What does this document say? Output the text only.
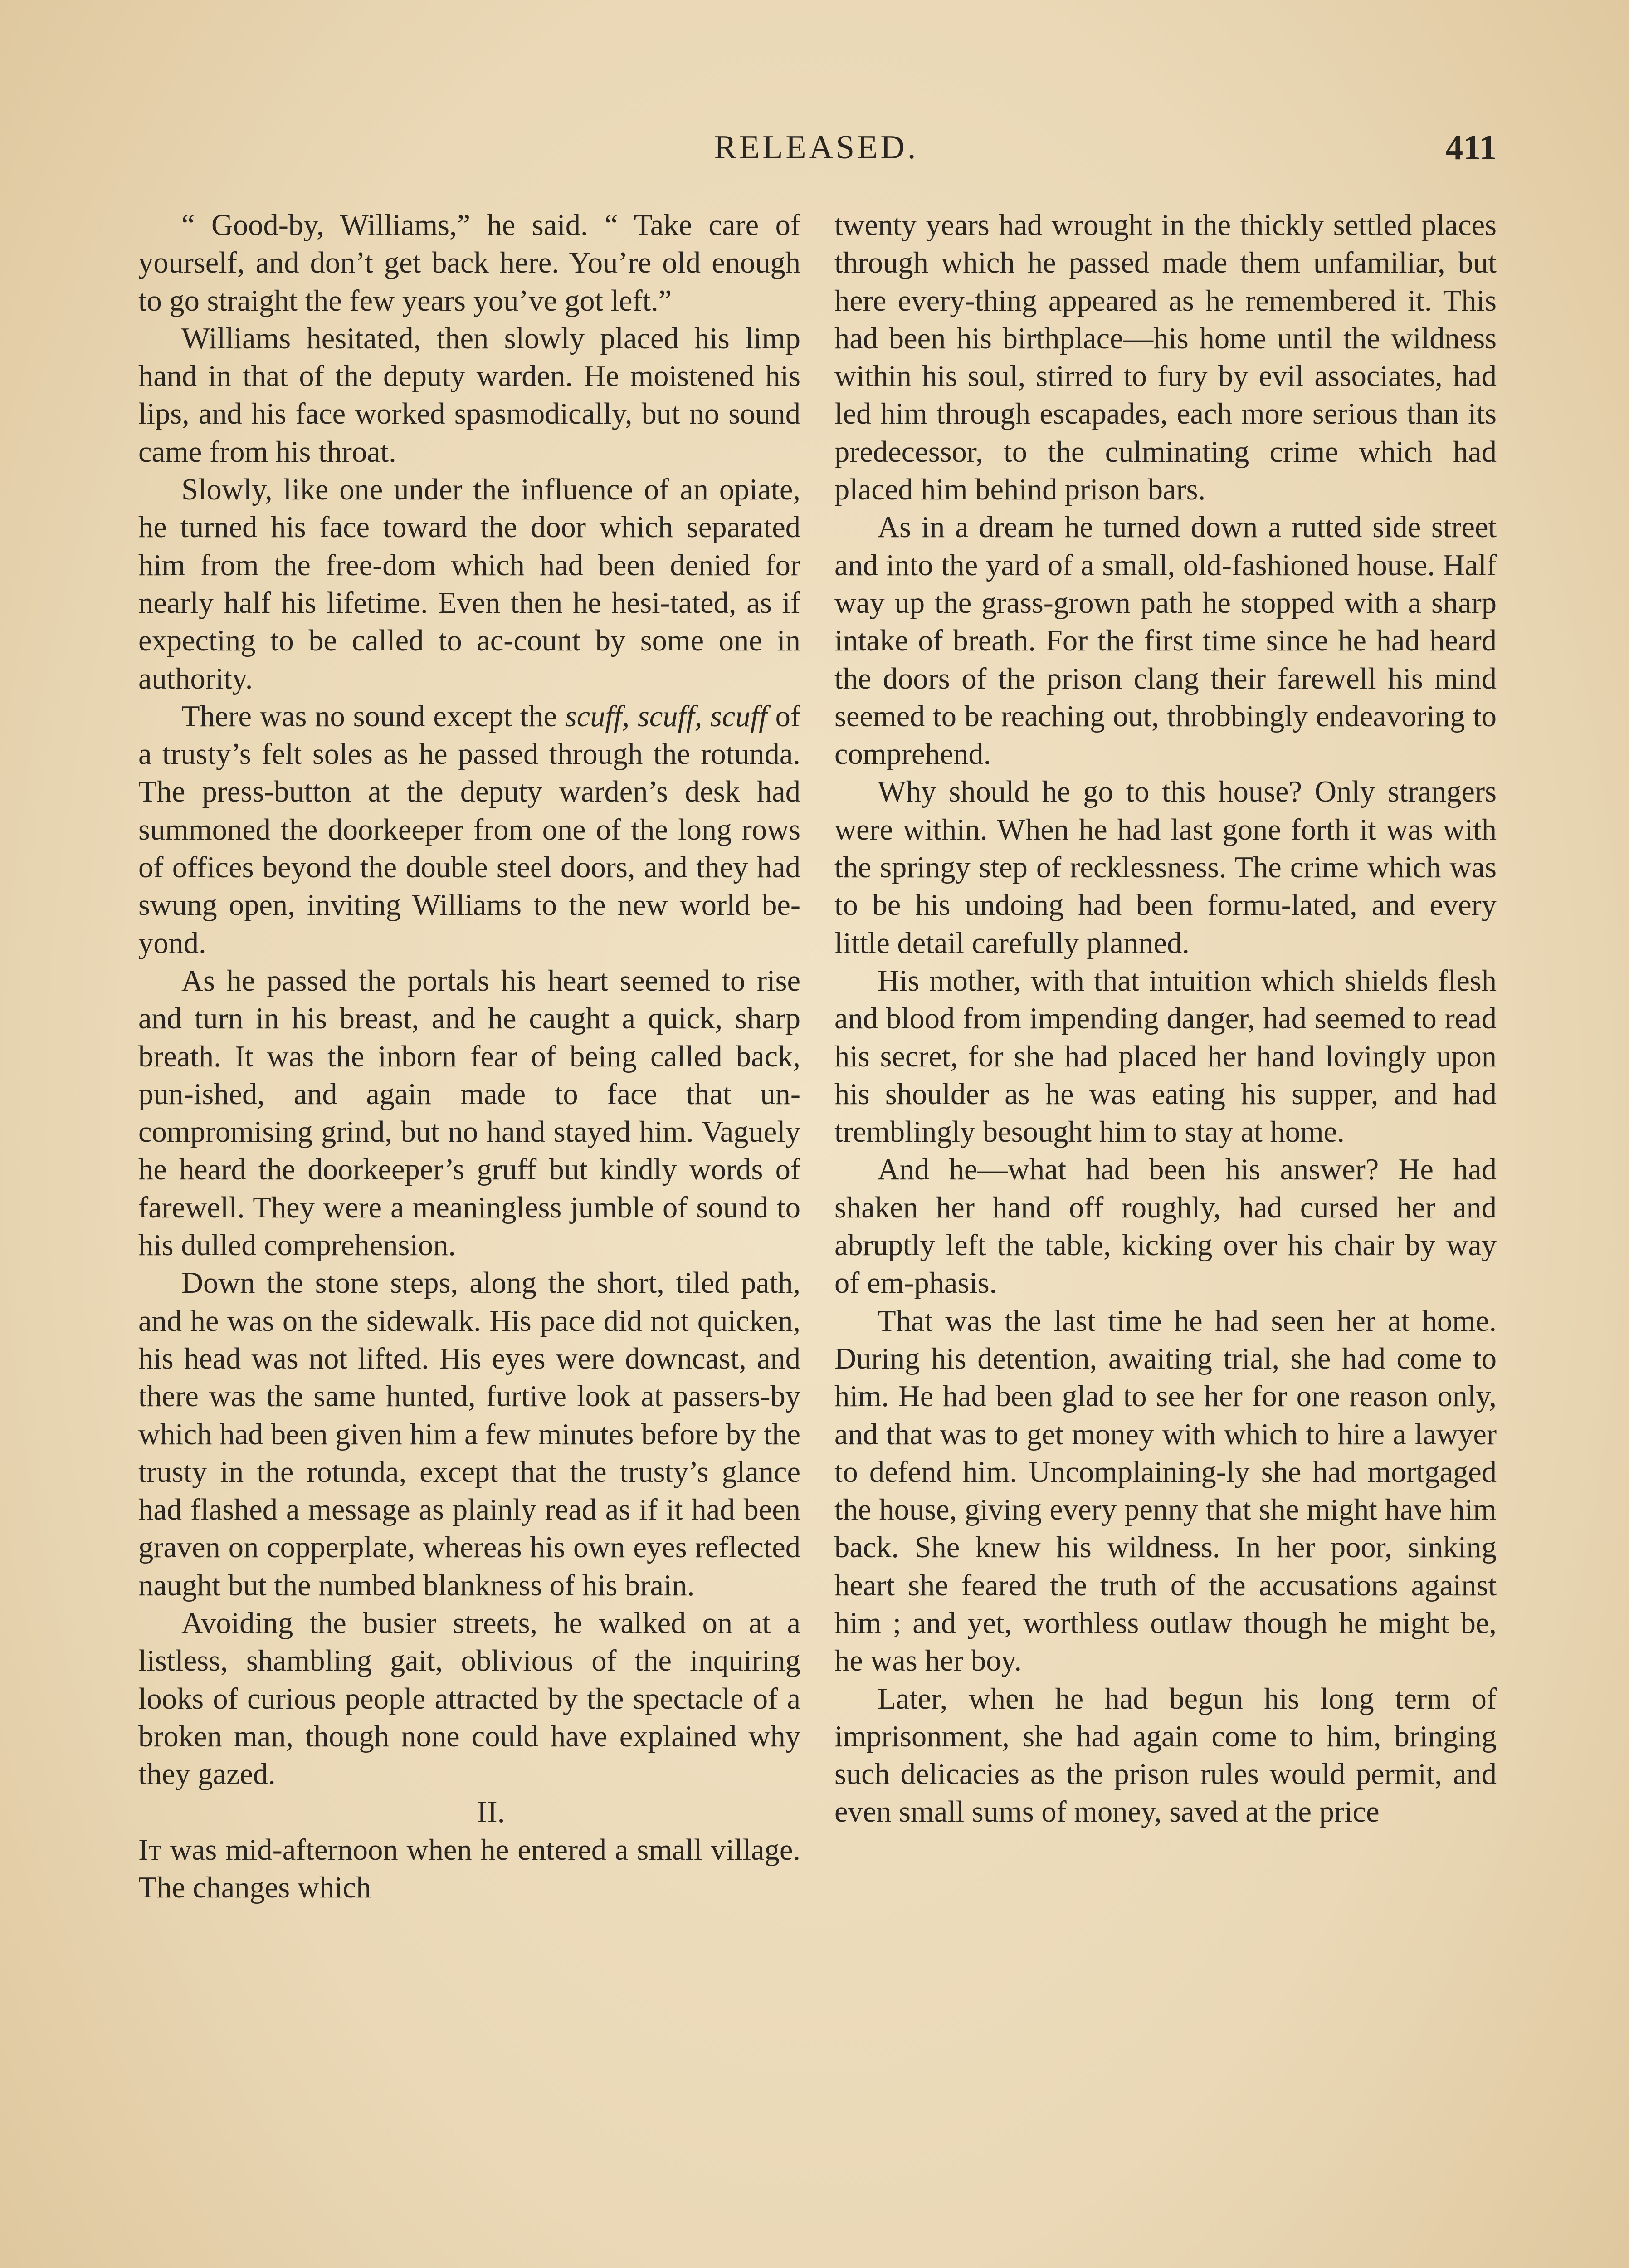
RELEASED.	411

“ Good-by, Williams,” he said. “ Take care of yourself, and don’t get back here. You’re old enough to go straight the few years you’ve got left.”

Williams hesitated, then slowly placed his limp hand in that of the deputy warden. He moistened his lips, and his face worked spasmodically, but no sound came from his throat.

Slowly, like one under the influence of an opiate, he turned his face toward the door which separated him from the free-dom which had been denied for nearly half his lifetime. Even then he hesi-tated, as if expecting to be called to ac-count by some one in authority.

There was no sound except the scuff, scuff, scuff of a trusty’s felt soles as he passed through the rotunda. The press-button at the deputy warden’s desk had summoned the doorkeeper from one of the long rows of offices beyond the double steel doors, and they had swung open, inviting Williams to the new world be-yond.

As he passed the portals his heart seemed to rise and turn in his breast, and he caught a quick, sharp breath. It was the inborn fear of being called back, pun-ished, and again made to face that un-compromising grind, but no hand stayed him. Vaguely he heard the doorkeeper’s gruff but kindly words of farewell. They were a meaningless jumble of sound to his dulled comprehension.

Down the stone steps, along the short, tiled path, and he was on the sidewalk. His pace did not quicken, his head was not lifted. His eyes were downcast, and there was the same hunted, furtive look at passers-by which had been given him a few minutes before by the trusty in the rotunda, except that the trusty’s glance had flashed a message as plainly read as if it had been graven on copperplate, whereas his own eyes reflected naught but the numbed blankness of his brain.

Avoiding the busier streets, he walked on at a listless, shambling gait, oblivious of the inquiring looks of curious people attracted by the spectacle of a broken man, though none could have explained why they gazed.

II.

It was mid-afternoon when he entered a small village. The changes which

twenty years had wrought in the thickly settled places through which he passed made them unfamiliar, but here every-thing appeared as he remembered it. This had been his birthplace—his home until the wildness within his soul, stirred to fury by evil associates, had led him through escapades, each more serious than its predecessor, to the culminating crime which had placed him behind prison bars.

As in a dream he turned down a rutted side street and into the yard of a small, old-fashioned house. Half way up the grass-grown path he stopped with a sharp intake of breath. For the first time since he had heard the doors of the prison clang their farewell his mind seemed to be reaching out, throbbingly endeavoring to comprehend.

Why should he go to this house? Only strangers were within. When he had last gone forth it was with the springy step of recklessness. The crime which was to be his undoing had been formu-lated, and every little detail carefully planned.

His mother, with that intuition which shields flesh and blood from impending danger, had seemed to read his secret, for she had placed her hand lovingly upon his shoulder as he was eating his supper, and had tremblingly besought him to stay at home.

And he—what had been his answer? He had shaken her hand off roughly, had cursed her and abruptly left the table, kicking over his chair by way of em-phasis.

That was the last time he had seen her at home. During his detention, awaiting trial, she had come to him. He had been glad to see her for one reason only, and that was to get money with which to hire a lawyer to defend him. Uncomplaining-ly she had mortgaged the house, giving every penny that she might have him back. She knew his wildness. In her poor, sinking heart she feared the truth of the accusations against him ; and yet, worthless outlaw though he might be, he was her boy.

Later, when he had begun his long term of imprisonment, she had again come to him, bringing such delicacies as the prison rules would permit, and even small sums of money, saved at the price
